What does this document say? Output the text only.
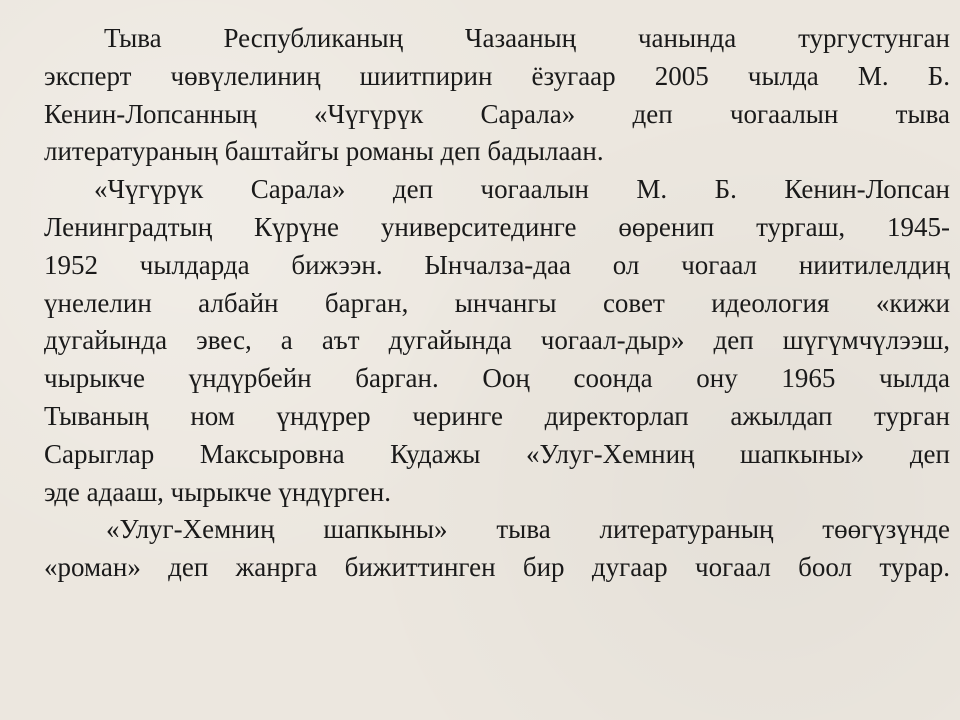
Тыва Республиканың Чазааның чанында тургустунган
эксперт чөвүлелиниң шиитпирин ёзугаар 2005 чылда М. Б.
Кенин-Лопсанның «Чүгүрүк Сарала» деп чогаалын тыва
литератураның баштайгы романы деп бадылаан.
«Чүгүрүк Сарала» деп чогаалын М. Б. Кенин-Лопсан
Ленинградтың Күрүне университединге өөренип тургаш, 1945-
1952 чылдарда бижээн. Ынчалза-даа ол чогаал ниитилелдиң
үнелелин албайн барган, ынчангы совет идеология «кижи
дугайында эвес, а аът дугайында чогаал-дыр» деп шүгүмчүлээш,
чырыкче үндүрбейн барган. Ооң соонда ону 1965 чылда
Тываның ном үндүрер черинге директорлап ажылдап турган
Сарыглар Максыровна Кудажы «Улуг-Хемниң шапкыны» деп
эде адааш, чырыкче үндүрген.
«Улуг-Хемниң шапкыны» тыва литератураның төөгүзүнде
«роман» деп жанрга бижиттинген бир дугаар чогаал боол турар.
